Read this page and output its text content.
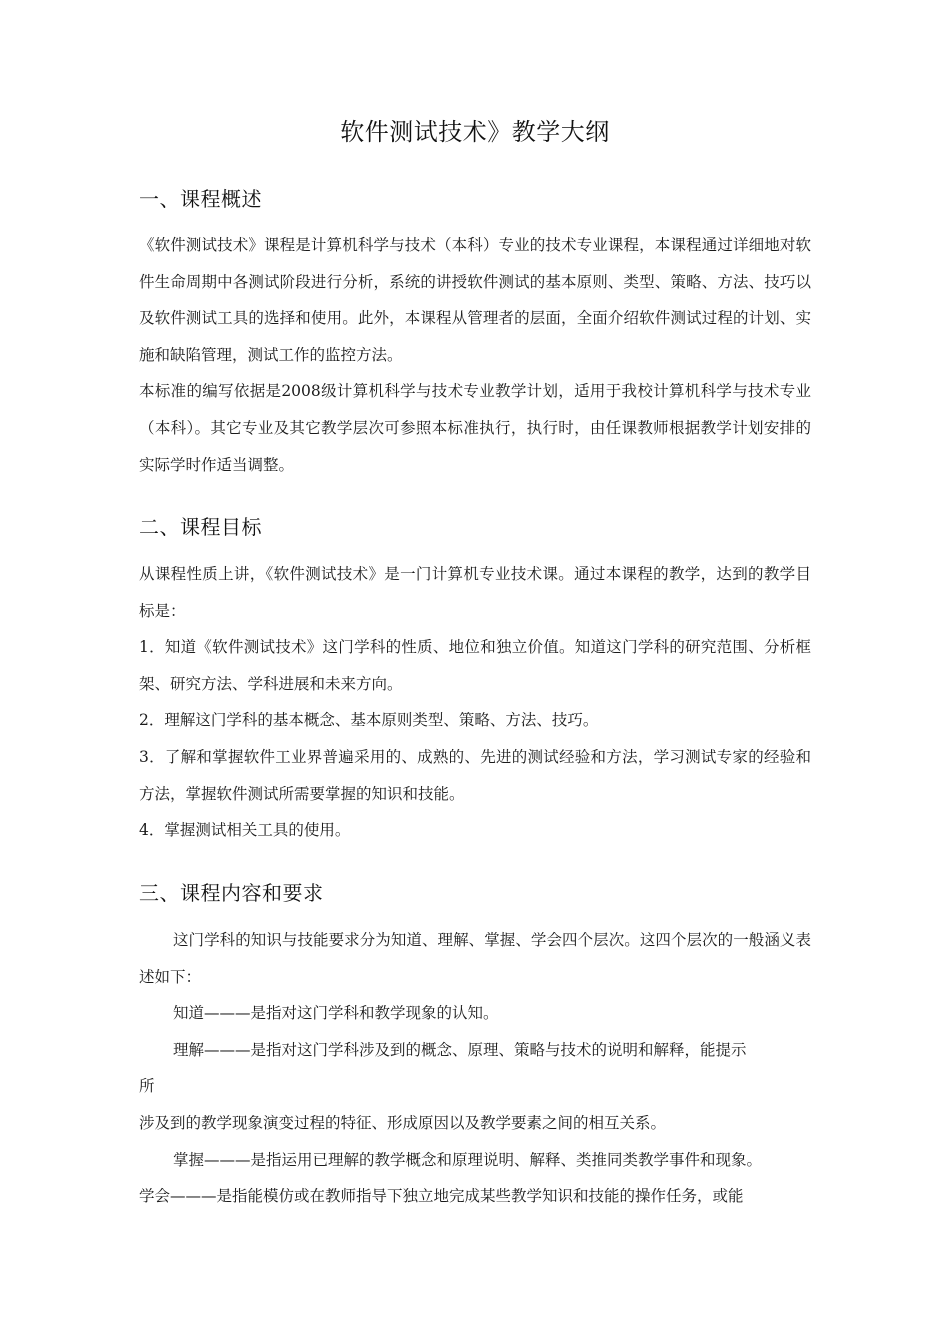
软件测试技术》教学大纲
一、课程概述

《软件测试技术》课程是计算机科学与技术（本科）专业的技术专业课程，本课程通过详细地对软件生命周期中各测试阶段进行分析，系统的讲授软件测试的基本原则、类型、策略、方法、技巧以及软件测试工具的选择和使用。此外，本课程从管理者的层面，全面介绍软件测试过程的计划、实施和缺陷管理，测试工作的监控方法。

本标准的编写依据是2008级计算机科学与技术专业教学计划，适用于我校计算机科学与技术专业（本科）。其它专业及其它教学层次可参照本标准执行，执行时，由任课教师根据教学计划安排的实际学时作适当调整。

二、课程目标

从课程性质上讲，《软件测试技术》是一门计算机专业技术课。通过本课程的教学，达到的教学目标是：

1．知道《软件测试技术》这门学科的性质、地位和独立价值。知道这门学科的研究范围、分析框架、研究方法、学科进展和未来方向。

2．理解这门学科的基本概念、基本原则类型、策略、方法、技巧。

3．了解和掌握软件工业界普遍采用的、成熟的、先进的测试经验和方法，学习测试专家的经验和方法，掌握软件测试所需要掌握的知识和技能。

4．掌握测试相关工具的使用。

三、课程内容和要求

这门学科的知识与技能要求分为知道、理解、掌握、学会四个层次。这四个层次的一般涵义表述如下：

知道———是指对这门学科和教学现象的认知。

理解———是指对这门学科涉及到的概念、原理、策略与技术的说明和解释，能提示

所

涉及到的教学现象演变过程的特征、形成原因以及教学要素之间的相互关系。

掌握———是指运用已理解的教学概念和原理说明、解释、类推同类教学事件和现象。

学会———是指能模仿或在教师指导下独立地完成某些教学知识和技能的操作任务，或能
